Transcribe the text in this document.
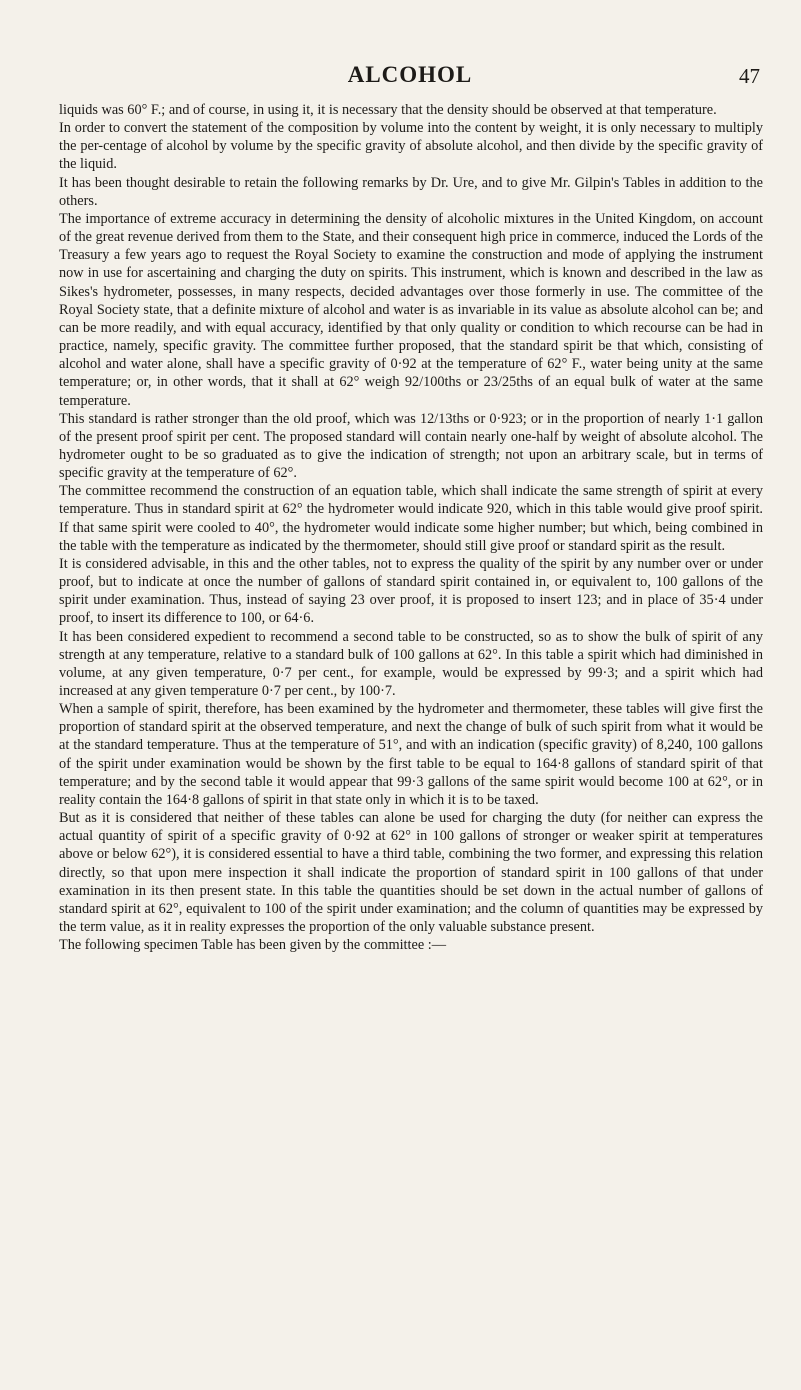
ALCOHOL	47

liquids was 60° F.; and of course, in using it, it is necessary that the density should be observed at that temperature.

In order to convert the statement of the composition by volume into the content by weight, it is only necessary to multiply the per-centage of alcohol by volume by the specific gravity of absolute alcohol, and then divide by the specific gravity of the liquid.

It has been thought desirable to retain the following remarks by Dr. Ure, and to give Mr. Gilpin's Tables in addition to the others.

The importance of extreme accuracy in determining the density of alcoholic mixtures in the United Kingdom, on account of the great revenue derived from them to the State, and their consequent high price in commerce, induced the Lords of the Treasury a few years ago to request the Royal Society to examine the construction and mode of applying the instrument now in use for ascertaining and charging the duty on spirits. This instrument, which is known and described in the law as Sikes's hydrometer, possesses, in many respects, decided advantages over those formerly in use. The committee of the Royal Society state, that a definite mixture of alcohol and water is as invariable in its value as absolute alcohol can be; and can be more readily, and with equal accuracy, identified by that only quality or condition to which recourse can be had in practice, namely, specific gravity. The committee further proposed, that the standard spirit be that which, consisting of alcohol and water alone, shall have a specific gravity of 0·92 at the temperature of 62° F., water being unity at the same temperature; or, in other words, that it shall at 62° weigh 92/100ths or 23/25ths of an equal bulk of water at the same temperature.

This standard is rather stronger than the old proof, which was 12/13ths or 0·923; or in the proportion of nearly 1·1 gallon of the present proof spirit per cent. The proposed standard will contain nearly one-half by weight of absolute alcohol. The hydrometer ought to be so graduated as to give the indication of strength; not upon an arbitrary scale, but in terms of specific gravity at the temperature of 62°.

The committee recommend the construction of an equation table, which shall indicate the same strength of spirit at every temperature. Thus in standard spirit at 62° the hydrometer would indicate 920, which in this table would give proof spirit. If that same spirit were cooled to 40°, the hydrometer would indicate some higher number; but which, being combined in the table with the temperature as indicated by the thermometer, should still give proof or standard spirit as the result.

It is considered advisable, in this and the other tables, not to express the quality of the spirit by any number over or under proof, but to indicate at once the number of gallons of standard spirit contained in, or equivalent to, 100 gallons of the spirit under examination. Thus, instead of saying 23 over proof, it is proposed to insert 123; and in place of 35·4 under proof, to insert its difference to 100, or 64·6.

It has been considered expedient to recommend a second table to be constructed, so as to show the bulk of spirit of any strength at any temperature, relative to a standard bulk of 100 gallons at 62°. In this table a spirit which had diminished in volume, at any given temperature, 0·7 per cent., for example, would be expressed by 99·3; and a spirit which had increased at any given temperature 0·7 per cent., by 100·7.

When a sample of spirit, therefore, has been examined by the hydrometer and thermometer, these tables will give first the proportion of standard spirit at the observed temperature, and next the change of bulk of such spirit from what it would be at the standard temperature. Thus at the temperature of 51°, and with an indication (specific gravity) of 8,240, 100 gallons of the spirit under examination would be shown by the first table to be equal to 164·8 gallons of standard spirit of that temperature; and by the second table it would appear that 99·3 gallons of the same spirit would become 100 at 62°, or in reality contain the 164·8 gallons of spirit in that state only in which it is to be taxed.

But as it is considered that neither of these tables can alone be used for charging the duty (for neither can express the actual quantity of spirit of a specific gravity of 0·92 at 62° in 100 gallons of stronger or weaker spirit at temperatures above or below 62°), it is considered essential to have a third table, combining the two former, and expressing this relation directly, so that upon mere inspection it shall indicate the proportion of standard spirit in 100 gallons of that under examination in its then present state. In this table the quantities should be set down in the actual number of gallons of standard spirit at 62°, equivalent to 100 of the spirit under examination; and the column of quantities may be expressed by the term value, as it in reality expresses the proportion of the only valuable substance present.

The following specimen Table has been given by the committee :—
